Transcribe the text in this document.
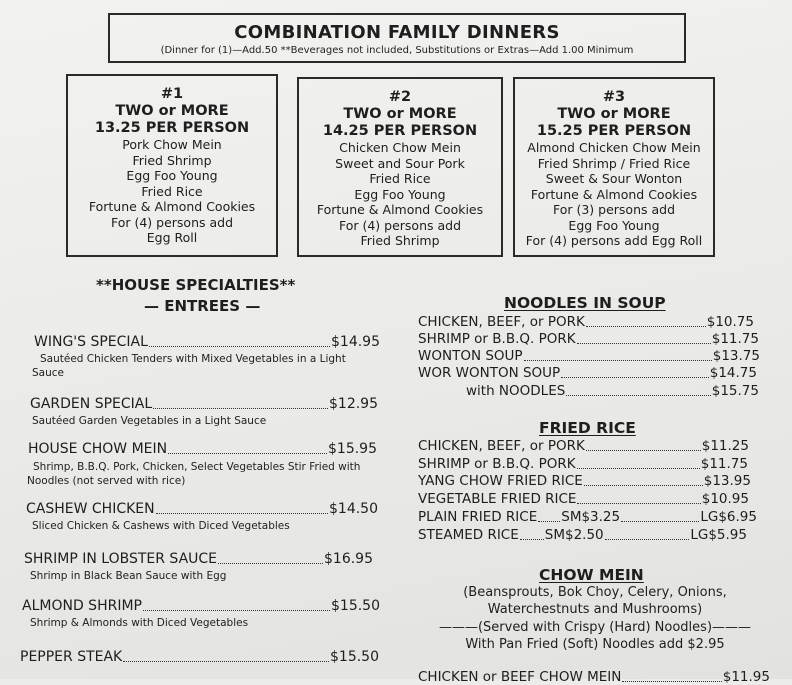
COMBINATION FAMILY DINNERS
(Dinner for (1)—Add.50 **Beverages not included, Substitutions or Extras—Add 1.00 Minimum
#1
TWO or MORE
13.25 PER PERSON
Pork Chow Mein
Fried Shrimp
Egg Foo Young
Fried Rice
Fortune & Almond Cookies
For (4) persons add
Egg Roll
#2
TWO or MORE
14.25 PER PERSON
Chicken Chow Mein
Sweet and Sour Pork
Fried Rice
Egg Foo Young
Fortune & Almond Cookies
For (4) persons add
Fried Shrimp
#3
TWO or MORE
15.25 PER PERSON
Almond Chicken Chow Mein
Fried Shrimp / Fried Rice
Sweet & Sour Wonton
Fortune & Almond Cookies
For (3) persons add
Egg Foo Young
For (4) persons add Egg Roll
**HOUSE SPECIALTIES**
— ENTREES —
WING'S SPECIAL	$14.95
Sautéed Chicken Tenders with Mixed Vegetables in a Light Sauce
GARDEN SPECIAL	$12.95
Sautéed Garden Vegetables in a Light Sauce
HOUSE CHOW MEIN	$15.95
Shrimp, B.B.Q. Pork, Chicken, Select Vegetables Stir Fried with Noodles (not served with rice)
CASHEW CHICKEN	$14.50
Sliced Chicken & Cashews with Diced Vegetables
SHRIMP IN LOBSTER SAUCE	$16.95
Shrimp in Black Bean Sauce with Egg
ALMOND SHRIMP	$15.50
Shrimp & Almonds with Diced Vegetables
PEPPER STEAK	$15.50
NOODLES IN SOUP
CHICKEN, BEEF, or PORK	$10.75
SHRIMP or B.B.Q. PORK	$11.75
WONTON SOUP	$13.75
WOR WONTON SOUP	$14.75
with NOODLES	$15.75
FRIED RICE
CHICKEN, BEEF, or PORK	$11.25
SHRIMP or B.B.Q. PORK	$11.75
YANG CHOW FRIED RICE	$13.95
VEGETABLE FRIED RICE	$10.95
PLAIN FRIED RICE SM$3.25	LG$6.95
STEAMED RICE SM$2.50	LG$5.95
CHOW MEIN
(Beansprouts, Bok Choy, Celery, Onions,
Waterchestnuts and Mushrooms)
———(Served with Crispy (Hard) Noodles)———
With Pan Fried (Soft) Noodles add $2.95
CHICKEN or BEEF CHOW MEIN	$11.95
